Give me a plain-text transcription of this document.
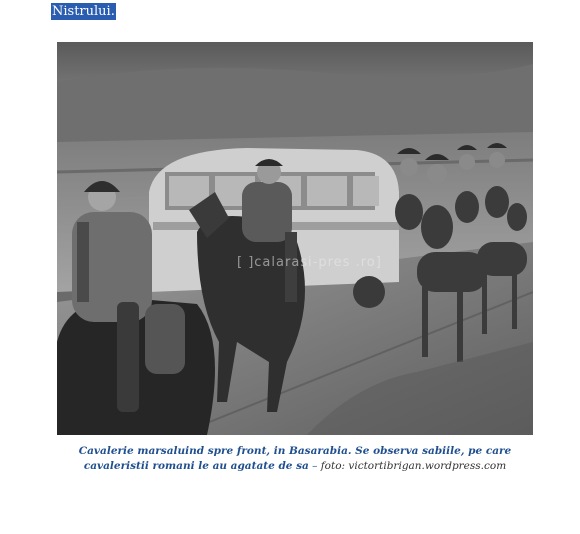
Nistrului.
[ ]calarasi-pres .ro]
Cavalerie marsaluind spre front, in Basarabia. Se observa sabiile, pe care cavaleristii romani le au agatate de sa – foto: victortibrigan.wordpress.com
